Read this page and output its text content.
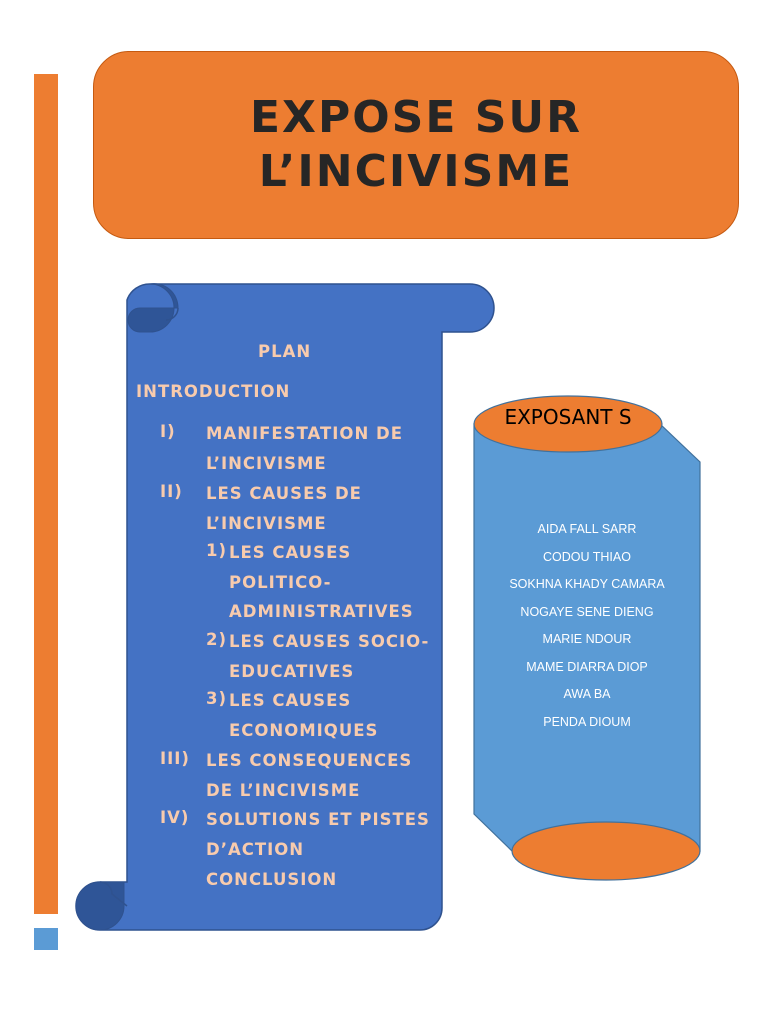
EXPOSE SUR
L’INCIVISME
PLAN
INTRODUCTION
I) MANIFESTATION DE
L’INCIVISME
II) LES CAUSES DE
L’INCIVISME
1) LES CAUSES
POLITICO-
ADMINISTRATIVES
2) LES CAUSES SOCIO-
EDUCATIVES
3) LES CAUSES
ECONOMIQUES
III) LES CONSEQUENCES
DE L’INCIVISME
IV) SOLUTIONS ET PISTES
D’ACTION
CONCLUSION
EXPOSANT S
AIDA FALL SARR
CODOU THIAO
SOKHNA KHADY CAMARA
NOGAYE SENE DIENG
MARIE NDOUR
MAME DIARRA DIOP
AWA BA
PENDA DIOUM
